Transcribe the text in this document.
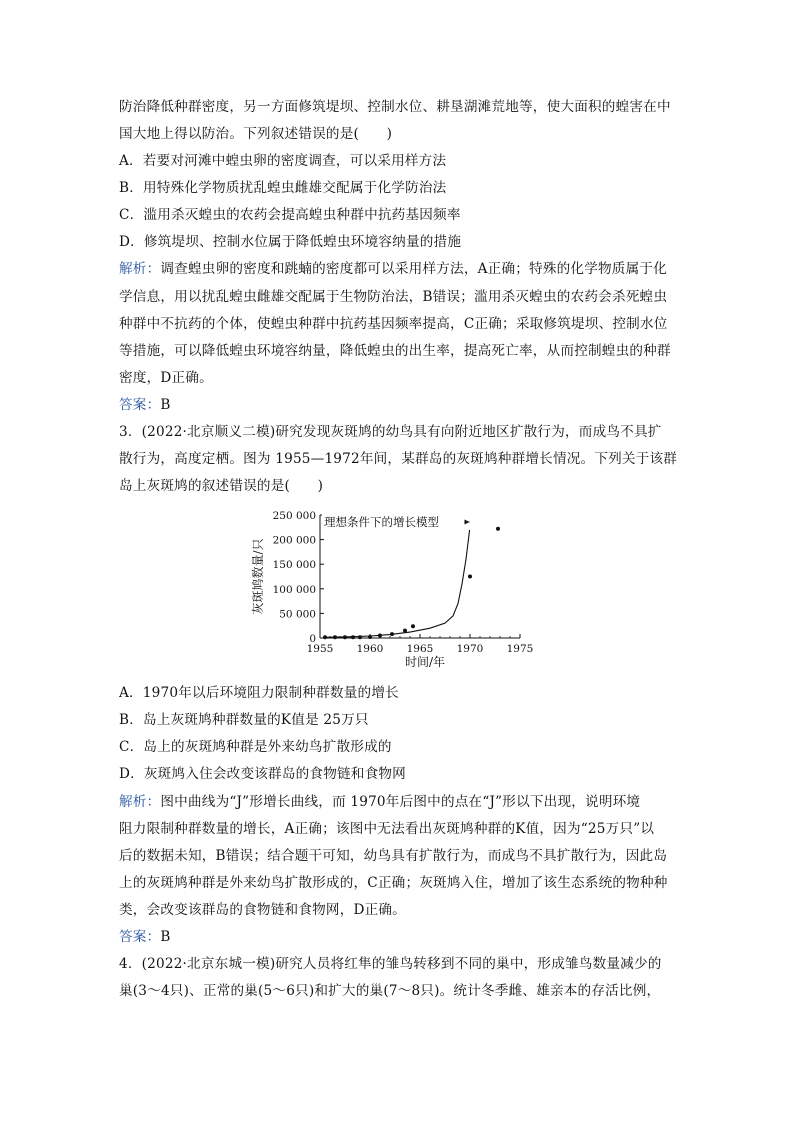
防治降低种群密度，另一方面修筑堤坝、控制水位、耕垦湖滩荒地等，使大面积的蝗害在中
国大地上得以防治。下列叙述错误的是(　　)
A．若要对河滩中蝗虫卵的密度调查，可以采用样方法
B．用特殊化学物质扰乱蝗虫雌雄交配属于化学防治法
C．滥用杀灭蝗虫的农药会提高蝗虫种群中抗药基因频率
D．修筑堤坝、控制水位属于降低蝗虫环境容纳量的措施
解析：调查蝗虫卵的密度和跳蝻的密度都可以采用样方法，A正确；特殊的化学物质属于化
学信息，用以扰乱蝗虫雌雄交配属于生物防治法，B错误；滥用杀灭蝗虫的农药会杀死蝗虫
种群中不抗药的个体，使蝗虫种群中抗药基因频率提高，C正确；采取修筑堤坝、控制水位
等措施，可以降低蝗虫环境容纳量，降低蝗虫的出生率，提高死亡率，从而控制蝗虫的种群
密度，D正确。
答案：B
3．(2022·北京顺义二模)研究发现灰斑鸠的幼鸟具有向附近地区扩散行为，而成鸟不具扩
散行为，高度定栖。图为 1955—1972年间，某群岛的灰斑鸠种群增长情况。下列关于该群
岛上灰斑鸠的叙述错误的是(　　)
0
50 000
100 000
150 000
200 000
250 000
1955 1960 1965 1970 1975
理想条件下的增长模型
灰斑鸠数量/只
时间/年
A．1970年以后环境阻力限制种群数量的增长
B．岛上灰斑鸠种群数量的K值是 25万只
C．岛上的灰斑鸠种群是外来幼鸟扩散形成的
D．灰斑鸠入住会改变该群岛的食物链和食物网
解析：图中曲线为“J”形增长曲线，而 1970年后图中的点在“J”形以下出现，说明环境
阻力限制种群数量的增长，A正确；该图中无法看出灰斑鸠种群的K值，因为“25万只”以
后的数据未知，B错误；结合题干可知，幼鸟具有扩散行为，而成鸟不具扩散行为，因此岛
上的灰斑鸠种群是外来幼鸟扩散形成的，C正确；灰斑鸠入住，增加了该生态系统的物种种
类，会改变该群岛的食物链和食物网，D正确。
答案：B
4．(2022·北京东城一模)研究人员将红隼的雏鸟转移到不同的巢中，形成雏鸟数量减少的
巢(3～4只)、正常的巢(5～6只)和扩大的巢(7～8只)。统计冬季雌、雄亲本的存活比例，
